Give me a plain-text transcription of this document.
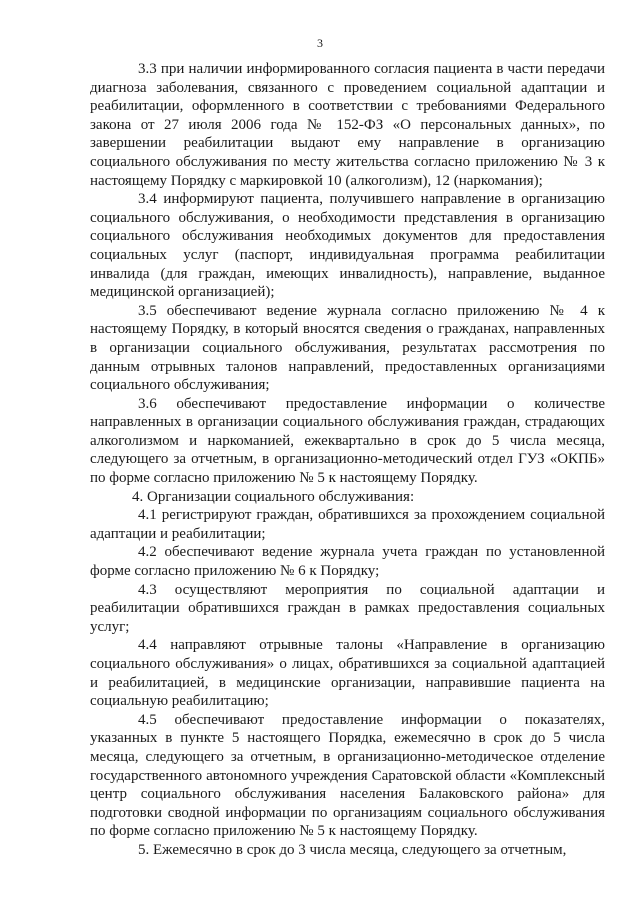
3

3.3 при наличии информированного согласия пациента в части передачи диагноза заболевания, связанного с проведением социальной адаптации и реабилитации, оформленного в соответствии с требованиями Федерального закона от 27 июля 2006 года № 152-ФЗ «О персональных данных», по завершении реабилитации выдают ему направление в организацию социального обслуживания по месту жительства согласно приложению № 3 к настоящему Порядку с маркировкой 10 (алкоголизм), 12 (наркомания);

3.4 информируют пациента, получившего направление в организацию социального обслуживания, о необходимости представления в организацию социального обслуживания необходимых документов для предоставления социальных услуг (паспорт, индивидуальная программа реабилитации инвалида (для граждан, имеющих инвалидность), направление, выданное медицинской организацией);

3.5 обеспечивают ведение журнала согласно приложению № 4 к настоящему Порядку, в который вносятся сведения о гражданах, направленных в организации социального обслуживания, результатах рассмотрения по данным отрывных талонов направлений, предоставленных организациями социального обслуживания;

3.6 обеспечивают предоставление информации о количестве направленных в организации социального обслуживания граждан, страдающих алкоголизмом и наркоманией, ежеквартально в срок до 5 числа месяца, следующего за отчетным, в организационно-методический отдел ГУЗ «ОКПБ» по форме согласно приложению № 5 к настоящему Порядку.

4. Организации социального обслуживания:

4.1 регистрируют граждан, обратившихся за прохождением социальной адаптации и реабилитации;

4.2 обеспечивают ведение журнала учета граждан по установленной форме согласно приложению № 6 к Порядку;

4.3 осуществляют мероприятия по социальной адаптации и реабилитации обратившихся граждан в рамках предоставления социальных услуг;

4.4 направляют отрывные талоны «Направление в организацию социального обслуживания» о лицах, обратившихся за социальной адаптацией и реабилитацией, в медицинские организации, направившие пациента на социальную реабилитацию;

4.5 обеспечивают предоставление информации о показателях, указанных в пункте 5 настоящего Порядка, ежемесячно в срок до 5 числа месяца, следующего за отчетным, в организационно-методическое отделение государственного автономного учреждения Саратовской области «Комплексный центр социального обслуживания населения Балаковского района» для подготовки сводной информации по организациям социального обслуживания по форме согласно приложению № 5 к настоящему Порядку.

5. Ежемесячно в срок до 3 числа месяца, следующего за отчетным,
